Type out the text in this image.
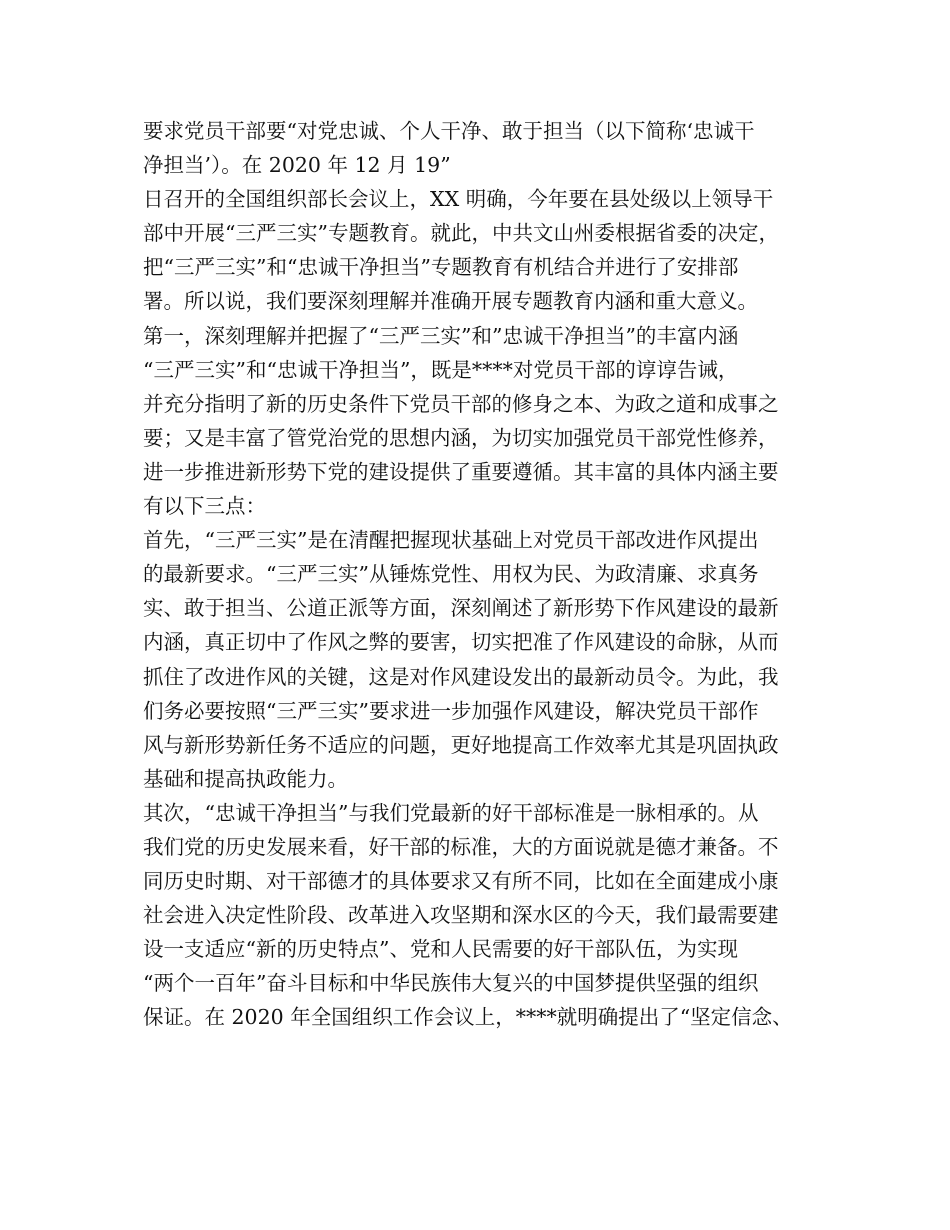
要求党员干部要“对党忠诚、个人干净、敢于担当（以下简称‘忠诚干
净担当’）。在 2020 年 12 月 19”
日召开的全国组织部长会议上，XX 明确，今年要在县处级以上领导干
部中开展“三严三实”专题教育。就此，中共文山州委根据省委的决定，
把“三严三实”和“忠诚干净担当”专题教育有机结合并进行了安排部
署。所以说，我们要深刻理解并准确开展专题教育内涵和重大意义。
第一，深刻理解并把握了“三严三实”和”忠诚干净担当”的丰富内涵
“三严三实”和“忠诚干净担当”，既是****对党员干部的谆谆告诫，
并充分指明了新的历史条件下党员干部的修身之本、为政之道和成事之
要；又是丰富了管党治党的思想内涵，为切实加强党员干部党性修养，
进一步推进新形势下党的建设提供了重要遵循。其丰富的具体内涵主要
有以下三点：
首先，“三严三实”是在清醒把握现状基础上对党员干部改进作风提出
的最新要求。“三严三实”从锤炼党性、用权为民、为政清廉、求真务
实、敢于担当、公道正派等方面，深刻阐述了新形势下作风建设的最新
内涵，真正切中了作风之弊的要害，切实把准了作风建设的命脉，从而
抓住了改进作风的关键，这是对作风建设发出的最新动员令。为此，我
们务必要按照“三严三实”要求进一步加强作风建设，解决党员干部作
风与新形势新任务不适应的问题，更好地提高工作效率尤其是巩固执政
基础和提高执政能力。
其次，“忠诚干净担当”与我们党最新的好干部标准是一脉相承的。从
我们党的历史发展来看，好干部的标准，大的方面说就是德才兼备。不
同历史时期、对干部德才的具体要求又有所不同，比如在全面建成小康
社会进入决定性阶段、改革进入攻坚期和深水区的今天，我们最需要建
设一支适应“新的历史特点”、党和人民需要的好干部队伍，为实现
“两个一百年”奋斗目标和中华民族伟大复兴的中国梦提供坚强的组织
保证。在 2020 年全国组织工作会议上，****就明确提出了“坚定信念、
